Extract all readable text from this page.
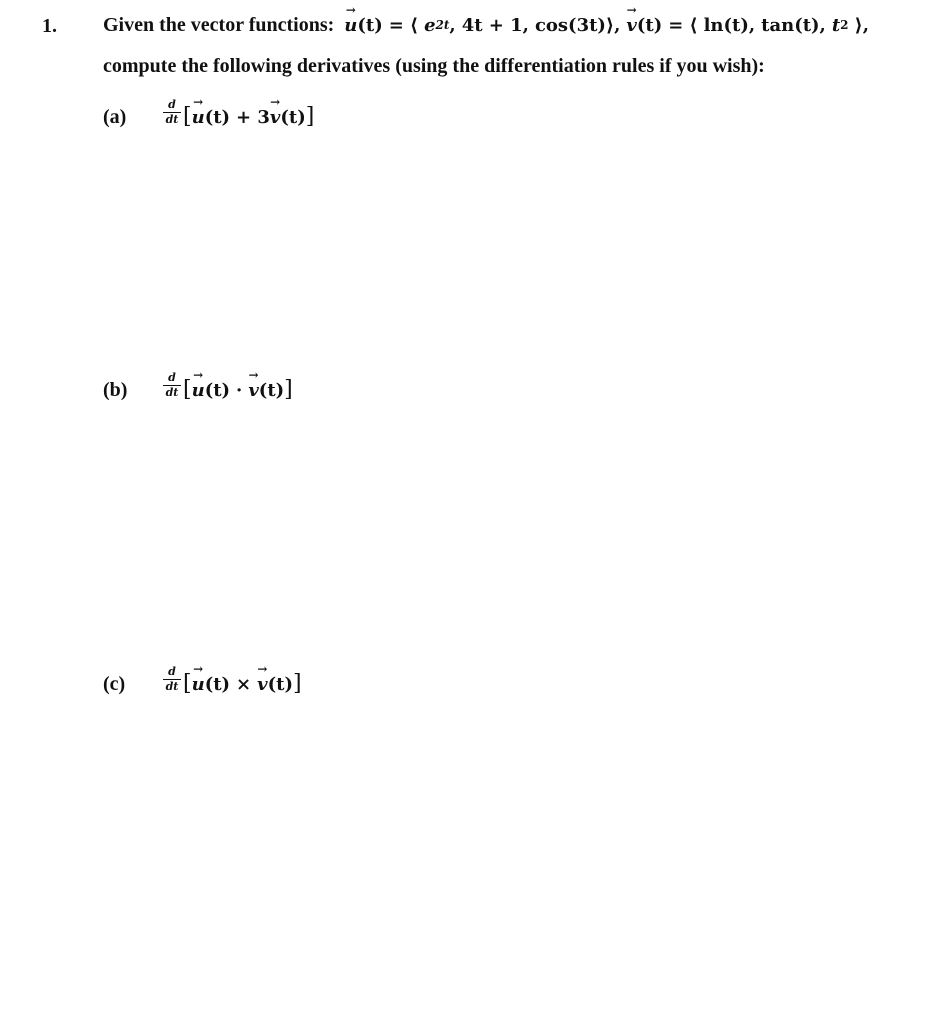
1. Given the vector functions:
→
u (t) = ⟨ $e^{2t}$ , 4t + 1, cos(3t)⟩,
→
v (t) = ⟨ ln(t), tan(t), $t^2$ ⟩,
compute the following derivatives (using the differentiation rules if you wish):
(a)
d
dt [
→
u (t) + 3
→
v (t) ]
(b)
d
dt [
→
u (t) ·
→
v (t) ]
(c)
d
dt [
→
u (t) ×
→
v (t) ]
